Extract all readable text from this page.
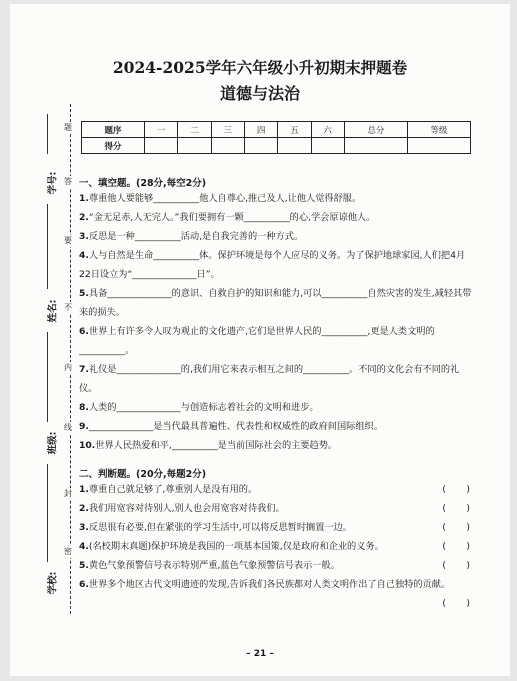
2024-2025学年六年级小升初期末押题卷
道德与法治
学号:
姓名:
班级:
学校:
题
答
要
不
内
线
封
密
题序	一	二	三	四	五	六	总分	等级
得分								
一、填空题。(28分,每空2分)
1.尊重他人要能够__________他人自尊心,推己及人,让他人觉得舒服。
2.“金无足赤,人无完人。”我们要拥有一颗__________的心,学会原谅他人。
3.反思是一种__________活动,是自我完善的一种方式。
4.人与自然是生命__________体。保护环境是每个人应尽的义务。为了保护地球家园,人们把4月22日设立为“______________日”。
5.具备______________的意识、自救自护的知识和能力,可以__________自然灾害的发生,减轻其带来的损失。
6.世界上有许多令人叹为观止的文化遗产,它们是世界人民的__________,更是人类文明的__________。
7.礼仪是______________的,我们用它来表示相互之间的__________。不同的文化会有不同的礼仪。
8.人类的______________与创造标志着社会的文明和进步。
9.______________是当代最具普遍性、代表性和权威性的政府间国际组织。
10.世界人民热爱和平,__________是当前国际社会的主要趋势。
二、判断题。(20分,每题2分)
1.尊重自己就足够了,尊重别人是没有用的。	(       )
2.我们用宽容对待别人,别人也会用宽容对待我们。	(       )
3.反思很有必要,但在紧张的学习生活中,可以将反思暂时搁置一边。	(       )
4.(名校期末真题)保护环境是我国的一项基本国策,仅是政府和企业的义务。	(       )
5.黄色气象预警信号表示特别严重,蓝色气象预警信号表示一般。	(       )
6.世界多个地区古代文明遗迹的发现,告诉我们各民族都对人类文明作出了自己独特的贡献。
(       )
– 21 –
